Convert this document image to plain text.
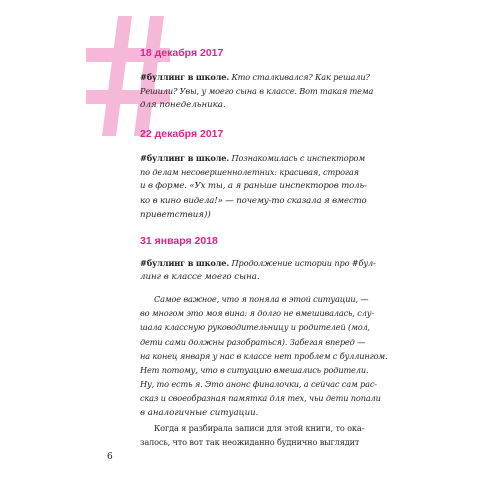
18 декабря 2017

#буллинг в школе. Кто сталкивался? Как решали?
Решили? Увы, у моего сына в классе. Вот такая тема
для понедельника.

22 декабря 2017

#буллинг в школе. Познакомилась с инспектором
по делам несовершеннолетних: красивая, строгая
и в форме. «Ух ты, а я раньше инспекторов толь-
ко в кино видела!» — почему-то сказала я вместо
приветствия))

31 января 2018

#буллинг в школе. Продолжение истории про #бул-
линг в классе моего сына.

Самое важное, что я поняла в этой ситуации, —
во многом это моя вина: я долго не вмешивалась, слу-
шала классную руководительницу и родителей (мол,
дети сами должны разобраться). Забегая вперед —
на конец января у нас в классе нет проблем с буллингом.
Нет потому, что в ситуацию вмешались родители.
Ну, то есть я. Это анонс финалочки, а сейчас сам рас-
сказ и своеобразная памятка для тех, чьи дети попали
в аналогичные ситуации.

Когда я разбирала записи для этой книги, то ока-
залось, что вот так неожиданно буднично выглядит

6
